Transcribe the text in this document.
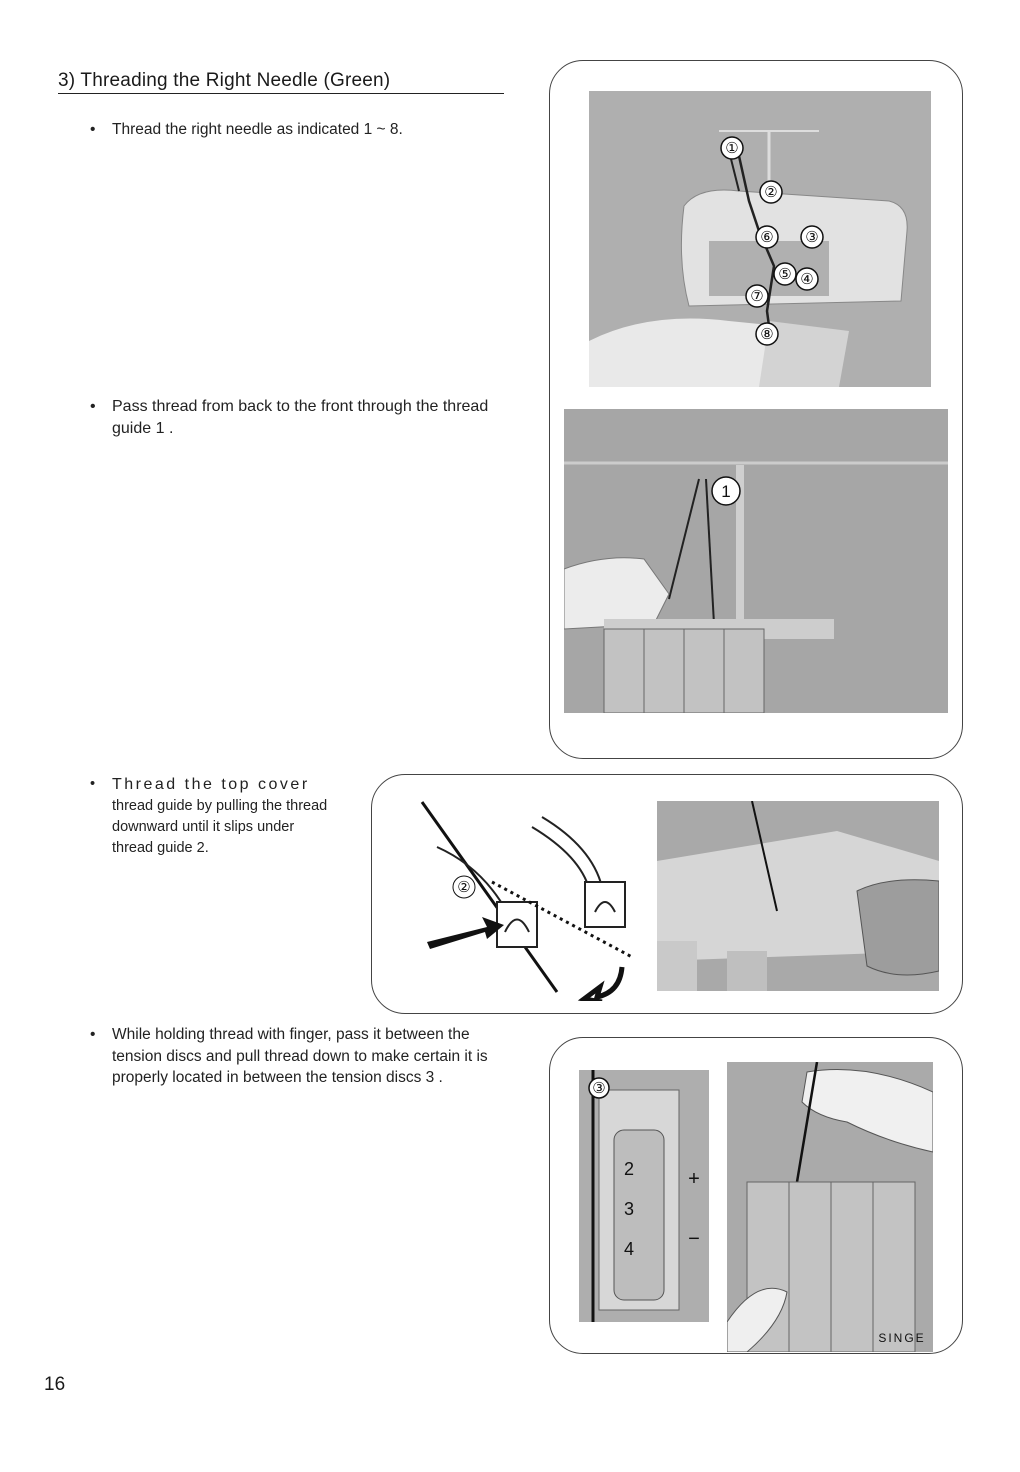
3) Threading the Right Needle (Green)
• Thread the right needle as indicated 1 ~ 8.
• Pass thread from back to the front through the thread guide 1 .
• Thread the top cover
thread guide by pulling the thread downward until it slips under thread guide 2.
• While holding thread with finger, pass it between the tension discs and pull thread down to make certain it is properly located in between the tension discs 3 .
①
②
③
④
⑤
⑥
⑦
⑧
1
②
③
2
3
4
+
−
SINGE
16
